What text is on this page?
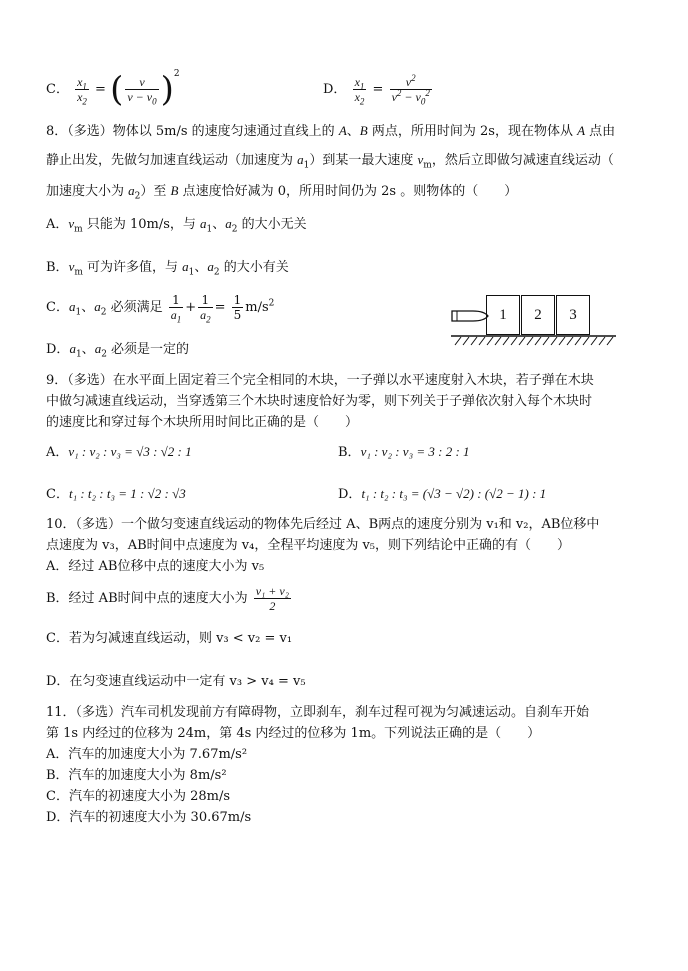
C． $\frac{x_1}{x_2}$ = ( $\frac{v}{v - v_0} )^2$
D． $\frac{x_1}{x_2} = \frac{v^2}{v^2 - v_0^2}$
8．（多选）物体以 5m/s 的速度匀速通过直线上的 A、B 两点，所用时间为 2s，现在物体从 A 点由
静止出发，先做匀加速直线运动（加速度为 $a_1$）到某一最大速度 $v_m$，然后立即做匀减速直线运动（
加速度大小为 $a_2$）至 B 点速度恰好减为 0，所用时间仍为 2s 。则物体的（　　）
A．$v_m$ 只能为 10m/s，与 $a_1$、$a_2$ 的大小无关
B．$v_m$ 可为许多值，与 $a_1$、$a_2$ 的大小有关
C．$a_1$、$a_2$ 必须满足 $\frac{1}{a_1} + \frac{1}{a_2} = \frac{1}{5} m/s^2$
D．$a_1$、$a_2$ 必须是一定的
1	2	3
9．（多选）在水平面上固定着三个完全相同的木块，一子弹以水平速度射入木块，若子弹在木块
中做匀减速直线运动，当穿透第三个木块时速度恰好为零，则下列关于子弹依次射入每个木块时
的速度比和穿过每个木块所用时间比正确的是（　　）
A．v₁ : v₂ : v₃ = √3 : √2 : 1	B．v₁ : v₂ : v₃ = 3 : 2 : 1
C．t₁ : t₂ : t₃ = 1 : √2 : √3	D．t₁ : t₂ : t₃ = (√3 − √2) : (√2 − 1) : 1
10．（多选）一个做匀变速直线运动的物体先后经过 A、B两点的速度分别为 v₁和 v₂，AB位移中
点速度为 v₃，AB时间中点速度为 v₄，全程平均速度为 v₅，则下列结论中正确的有（　　）
A．经过 AB位移中点的速度大小为 v₅
B．经过 AB时间中点的速度大小为 $\frac{\text{v₁ + v₂}}{2}$
C．若为匀减速直线运动，则 v₃ < v₂ = v₁
D．在匀变速直线运动中一定有 v₃ > v₄ = v₅
11．（多选）汽车司机发现前方有障碍物，立即刹车，刹车过程可视为匀减速运动。自刹车开始
第 1s 内经过的位移为 24m，第 4s 内经过的位移为 1m。下列说法正确的是（　　）
A．汽车的加速度大小为 7.67m/s²
B．汽车的加速度大小为 8m/s²
C．汽车的初速度大小为 28m/s
D．汽车的初速度大小为 30.67m/s
